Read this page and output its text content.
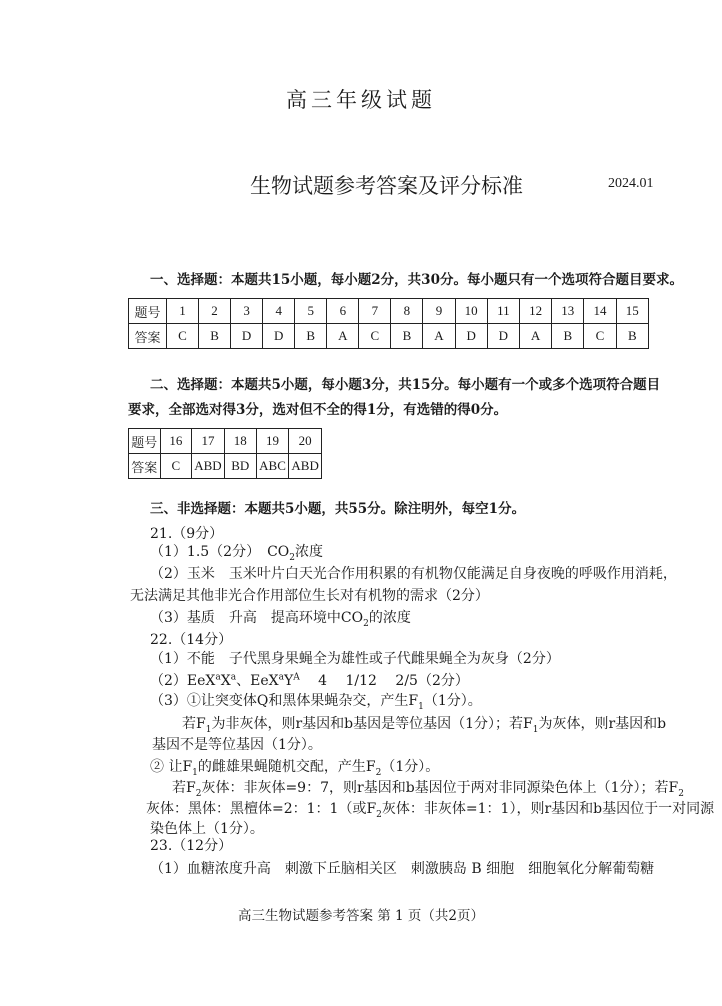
高三年级试题
生物试题参考答案及评分标准	2024.01
一、选择题：本题共15小题，每小题2分，共30分。每小题只有一个选项符合题目要求。
题号	1	2	3	4	5	6	7	8	9	10	11	12	13	14	15
答案	C	B	D	D	B	A	C	B	A	D	D	A	B	C	B
二、选择题：本题共5小题，每小题3分，共15分。每小题有一个或多个选项符合题目
要求，全部选对得3分，选对但不全的得1分，有选错的得0分。
题号	16	17	18	19	20
答案	C	ABD	BD	ABC	ABD
三、非选择题：本题共5小题，共55分。除注明外，每空1分。
21.（9分）
（1）1.5（2分）　$CO_2$浓度
（2）玉米　玉米叶片白天光合作用积累的有机物仅能满足自身夜晚的呼吸作用消耗，
无法满足其他非光合作用部位生长对有机物的需求（2分）
（3）基质　升高　提高环境中$CO_2$的浓度
22.（14分）
（1）不能　子代黑身果蝇全为雄性或子代雌果蝇全为灰身（2分）
$(2)EeX^aX^a$、$EeX^aY^A$　 4　 1/12　 2/5（2分）
（3）①让突变体Q和黑体果蝇杂交，产生$F_1(1$分）。
若$F_1$为非灰体，则r基因和b基因是等位基因（1分）；若$F_1$为灰体，则r基因和b
基因不是等位基因（1分）。
② 让$F_1$的雌雄果蝇随机交配，产生$F_2(1$分）。
若$F_2$灰体：非灰体=9：7，则r基因和b基因位于两对非同源染色体上（1分）；若$F_2$
灰体：黑体：黑檀体=2：1：1（或$F_2$灰体：非灰体=1：1），则r基因和b基因位于一对同源
染色体上（1分）。
23.（12分）
（1）血糖浓度升高　刺激下丘脑相关区　刺激胰岛 B 细胞　细胞氧化分解葡萄糖
高三生物试题参考答案 第 1 页（共2页）
